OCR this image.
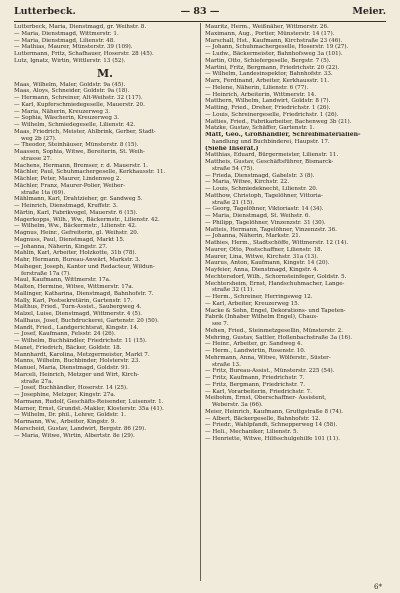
Lutterbeck.	— 83 —	Meier.
Lutterbeck, Maria, Dienstmagd, gr. Weihstr. 8.
— Maria, Dienstmagd, Wittmerstr. 1.
— Maria, Dienstmagd, Lilienstr. 48.
— Mathias, Maurer, Münsterstr. 39 (109).
Luttermann, Fritz, Schafhauer, Hoserstr. 28 (45).
Lutz, Ignatz, Wirtin, Wittlerstr. 13 (52).
M.
Maas, Wilhelm, Maler, Goldstr. 9a (45).
Maas, Aloys, Schneider, Goldstr. 9a (18).
— Hermann, Schreiner, Alt-Weihstr. 32 (117).
— Karl, Kupferschmiedegeselle, Mauerstr. 20.
— Maria, Näherin, Kreuzerweg 3.
— Sophia, Wäscherin, Kreuzerweg 3.
— Wilhelm, Schmiedegeselle, Lilienstr. 42.
Maas, Friedrich, Meister, Ahlbrink, Gerber, Stadt-
weg 2b (27).
— Theodor, Steinhäuser, Münsterstr. 8 (15).
Maassen, Sophia, Witwe, Bereiterin, St. Weih-
strasse 27.
Machens, Hermann, Bremser, r. d. Mauerstr. 1.
Mächler, Paul, Schuhmachergeselle, Kerkhausstr. 11.
Mächler, Peter, Maurer, Lindenweg 2.
Mächler, Franz, Maurer-Polier, Weiher-
straße 1ta (69).
Mählmann, Karl, Drahtzieher, gr. Sandweg 5.
— Heinrich, Dienstmagd, Kruffstr. 3.
Märtin, Karl, Fabrikvogel, Mauerstr. 6 (15).
Magerkopps, Wilh., Ww., Bäckermstr., Lilienstr. 42.
— Wilhelm, Ww., Bäckermstr., Lilienstr. 42.
Magnus, Heinr., Gefreiterin, gl. Weihstr. 20.
Magnuss, Paul, Dienstmagd, Markt 15.
— Johanna, Näherin, Kingstr. 27.
Mahlin, Karl, Arbeiter, Holzkotte, 31b (78).
Mahr, Hermann, Bureau-Anwärt, Markstr. 3.
Maiheger, Joseph, Kanter und Redacteur, Wildun-
ferstraße 17a (7).
Maul, Kaufmann, Wittmerstr. 17a.
Malten, Hermine, Witwe, Wittmerstr. 17a.
Mallinger, Katharina, Dienstmagd, Bahnhofstr. 7.
Mally, Karl, Postsekretärin, Gartenstr. 17.
Malthus, Fried., Turn-Assist., Saubergweg 4.
Malzel, Luise, Dienstmagd, Wittmerstr. 4 (5).
Mallhaus, Josef, Buchdruckerei, Gartenstr. 20 (50).
Mandt, Fried., Landgerichtsrat, Kingstr. 14.
— Josef, Kaufmann, Felsstr. 24 (26).
— Wilhelm, Buchhändler, Friedrichstr. 11 (15).
Manet, Friedrich, Bäcker, Goldstr. 18.
Mannhardt, Karolina, Metzgermeister, Markt 7.
Manns, Wilhelm, Buchbinder, Holsterstr. 23.
Manuel, Maria, Dienstmagd, Goldstr. 91.
Marceli, Heinrich, Metzger und Wirt, Kirch-
straße 27a.
— Josef, Buchhändler, Hoserstr. 14 (25).
— Josephine, Metzger, Kingstr. 27a.
Marmann, Rudolf, Geschäfts-Reisender, Luisenstr. 1.
Marner, Ernst, Grundst.-Makler, Klosterstr. 35a (41).
— Wilhelm, Dr. phil., Lehrer, Goldstr. 1.
Marmann, Ww., Arbeiter, Kingstr. 9.
Marscheid, Gustav, Landwirt, Bergstr. 86 (29).
— Maria, Witwe, Wirtin, Albertstr. 8e (29).
Mauritz, Herm., Weißnäher, Wittmerstr. 26.
Maximann, Aug., Portier, Münsterstr. 14 (17).
Marschall, Hst., Kaufmann, Kirchstraße 23 (46).
— Johann, Schuhmachergeselle, Hoserstr. 19 (27).
— Ludw., Bäckermeister, Bahnhofsweg 3a (101).
Martin, Otto, Schiefergeselle, Bergstr. 7 (5).
Martini, Fritz, Bergmann, Friedrichstr. 20 (22).
— Wilhelm, Landesinspektor, Bahnhofstr. 33.
Marx, Ferdinand, Arbeiter, Kerkhausstr. 11.
— Helene, Näherin, Lilienstr. 6 (77).
— Heinrich, Arbeiterin, Wittmerstr. 14.
Matthern, Wilhelm, Landwirt, Goldstr. 8 (7).
Matting, Fried., Dreher, Friedrichstr. 1 (26).
— Louis, Schreinergeselle, Friedrichstr. 1 (26).
Matties, Fried., Fabrikarbeiter, Bachenweg 3b (21).
Matzke, Gustav, Schäffer, Gartenstr. 1.
Matt, Geo., Großhändler, Schreibmaterialien-
handlung und Buchbinderei, Haupstr. 17.
(Siehe Inserat.)
Matthias, Eduard, Bürgermeister, Lilienstr. 11.
Mattheis, Gustav, Geschäftsführer, Bismarck-
straße 54 (75).
— Frieda, Dienstmagd, Gabelstr. 3 (8).
— Maria, Witwe, Kirchstr. 22.
— Louis, Schmiedeknecht, Lilienstr. 20.
Matthow, Christoph, Tagelöhner, Vittoria-
straße 21 (15).
— Georg, Tagelöhner, Viktoriastr. 14 (34).
— Maria, Dienstmagd, St. Weihstr. 6.
— Philipp, Tagelöhner, Vinzenzstr. 31 (30).
Matteis, Hermann, Tagelöhner, Vinzenzstr. 36.
— Johanna, Näherin, Markstr. 21.
Mathies, Herm., Stadtschöffe, Wittmerstr. 12 (14).
Maurer, Otto, Postschaffner, Lilienstr. 18.
Maurer, Lina, Witwe, Kirchstr. 31a (13).
Maurus, Anton, Kaufmann, Kingstr. 14 (20).
Mayfeier, Anna, Dienstmagd, Kingstr. 4.
Mechtersdorf, Wilh., Schornsteinfeger, Goldstr. 5.
Mechtersheim, Ernst, Handschuhmacher, Lange-
straße 32 (11).
— Herm., Schreiner, Herringsweg 12.
— Karl, Arbeiter, Kreuzerweg 15.
Macke & Sohn, Engel, Dekorations- und Tapeten-
Fabrik (Inhaber Wilhelm Engel), Chaus-
see 7.
Mehen, Fried., Steinmetzgesellin, Münsterstr. 2.
Mehring, Gustav, Sattler, Hollenbachstraße 3a (16).
— Heinr., Arbeiter, gr. Sandweg 4.
— Herm., Landwirtin, Rosenstr. 10.
Mehrmann, Anna, Witwe, Wölferstr., Süster-
straße 13.
— Fritz, Bureau-Assist., Münsterstr. 225 (54).
— Fritz, Kaufmann, Friedrichstr. 7.
— Fritz, Bergmann, Friedrichstr. 7.
— Karl, Vorarbeiterin, Friedrichstr. 7.
Meibohm, Ernst, Oberschaffner- Assistent,
Weberstr. 3a (66).
Meier, Heinrich, Kaufmann, Gruttgstraße 8 (74).
— Albert, Bäckergeselle, Bahnhofstr. 12.
— Friedr., Wahlpfandt, Schnepperweg 14 (58).
— Heli., Mechaniker, Lilienstr. 5.
— Henriette, Witwe, Hilfsschulgehilfe 101 (11).
6*
